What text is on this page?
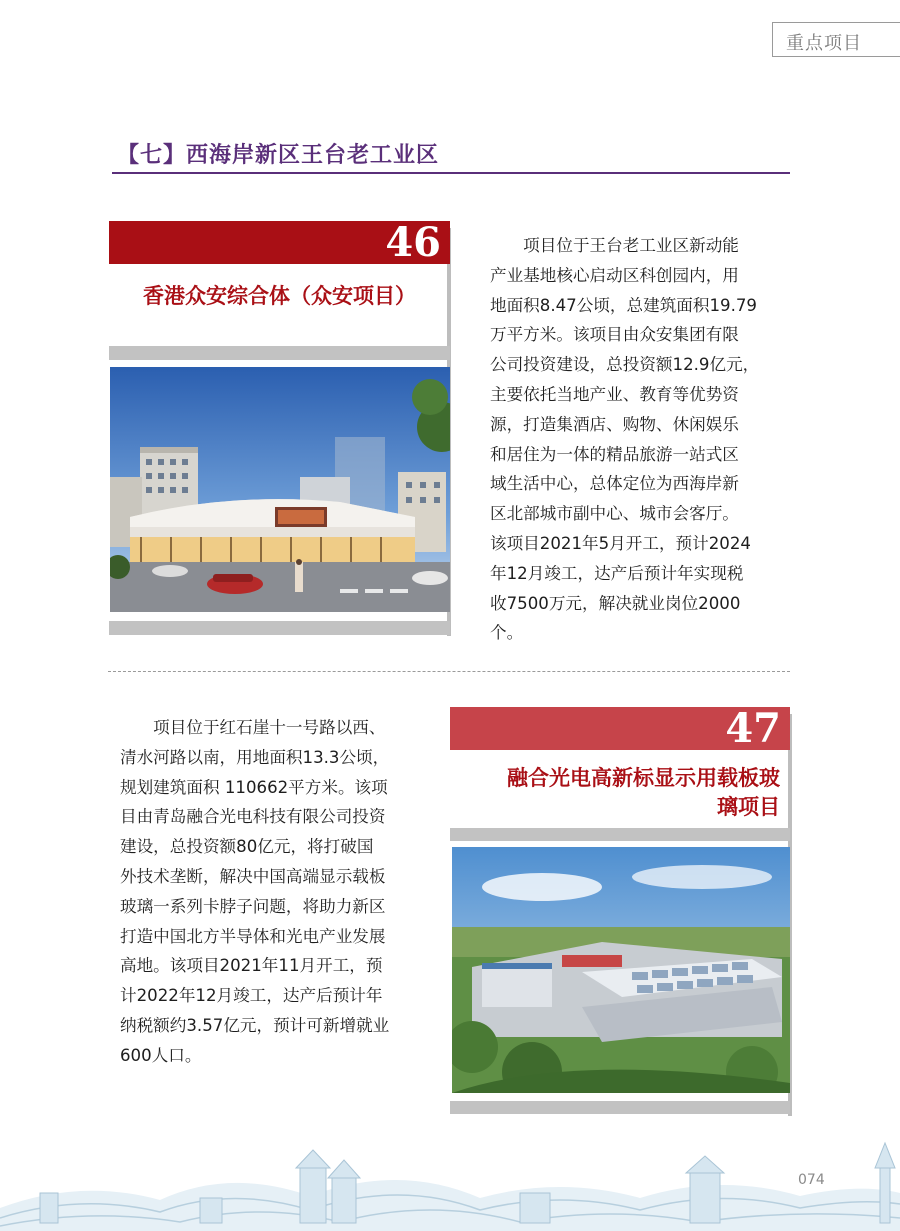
重点项目
【七】西海岸新区王台老工业区
46
香港众安综合体（众安项目）
　　项目位于王台老工业区新动能
产业基地核心启动区科创园内，用
地面积8.47公顷，总建筑面积19.79
万平方米。该项目由众安集团有限
公司投资建设，总投资额12.9亿元，
主要依托当地产业、教育等优势资
源，打造集酒店、购物、休闲娱乐
和居住为一体的精品旅游一站式区
域生活中心，总体定位为西海岸新
区北部城市副中心、城市会客厅。
该项目2021年5月开工，预计2024
年12月竣工，达产后预计年实现税
收7500万元，解决就业岗位2000
个。
　　项目位于红石崖十一号路以西、
清水河路以南，用地面积13.3公顷，
规划建筑面积 110662平方米。该项
目由青岛融合光电科技有限公司投资
建设，总投资额80亿元，将打破国
外技术垄断，解决中国高端显示载板
玻璃一系列卡脖子问题，将助力新区
打造中国北方半导体和光电产业发展
高地。该项目2021年11月开工，预
计2022年12月竣工，达产后预计年
纳税额约3.57亿元，预计可新增就业
600人口。
47
融合光电高新标显示用载板玻
璃项目
074
